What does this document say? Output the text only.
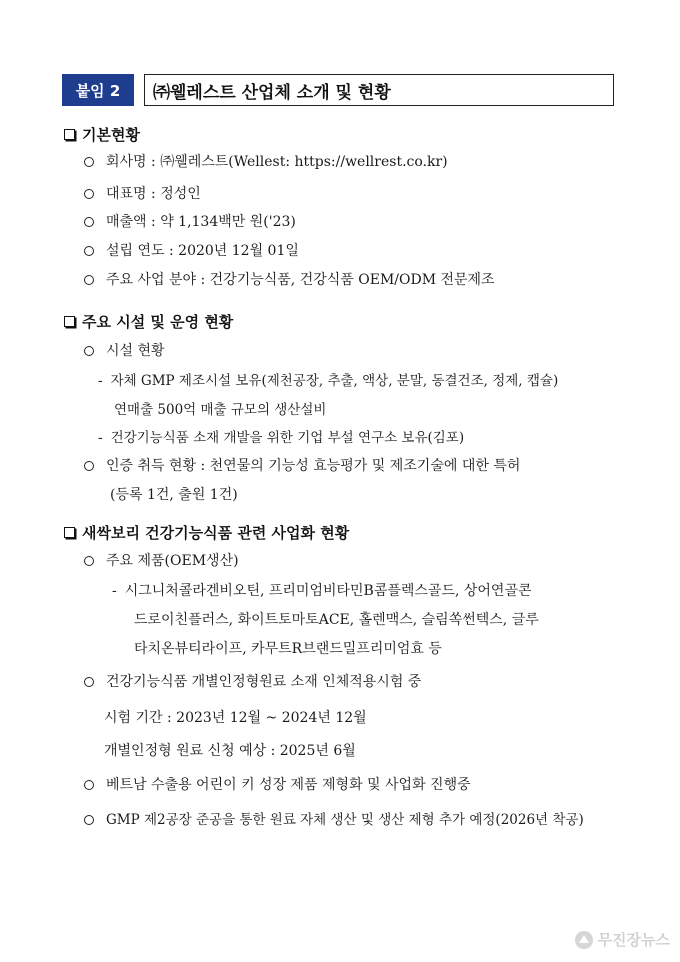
붙임 2	㈜웰레스트 산업체 소개 및 현황
기본현황
회사명 : ㈜웰레스트(Wellest: https://wellrest.co.kr)
대표명 : 정성인
매출액 : 약 1,134백만 원('23)
설립 연도 : 2020년 12월 01일
주요 사업 분야 : 건강기능식품, 건강식품 OEM/ODM 전문제조
주요 시설 및 운영 현황
시설 현황
- 자체 GMP 제조시설 보유(제천공장, 추출, 액상, 분말, 동결건조, 정제, 캡슐)
연매출 500억 매출 규모의 생산설비
- 건강기능식품 소재 개발을 위한 기업 부설 연구소 보유(김포)
인증 취득 현황 : 천연물의 기능성 효능평가 및 제조기술에 대한 특허
(등록 1건, 출원 1건)
새싹보리 건강기능식품 관련 사업화 현황
주요 제품(OEM생산)
- 시그니처콜라겐비오틴, 프리미엄비타민B콤플렉스골드, 상어연골콘
드로이친플러스, 화이트토마토ACE, 홀렌맥스, 슬림쏙썬텍스, 글루
타치온뷰티라이프, 카무트R브랜드밀프리미엄효 등
건강기능식품 개별인정형원료 소재 인체적용시험 중
시험 기간 : 2023년 12월 ~ 2024년 12월
개별인정형 원료 신청 예상 : 2025년 6월
베트남 수출용 어린이 키 성장 제품 제형화 및 사업화 진행중
GMP 제2공장 준공을 통한 원료 자체 생산 및 생산 제형 추가 예정(2026년 착공)
무진장뉴스
